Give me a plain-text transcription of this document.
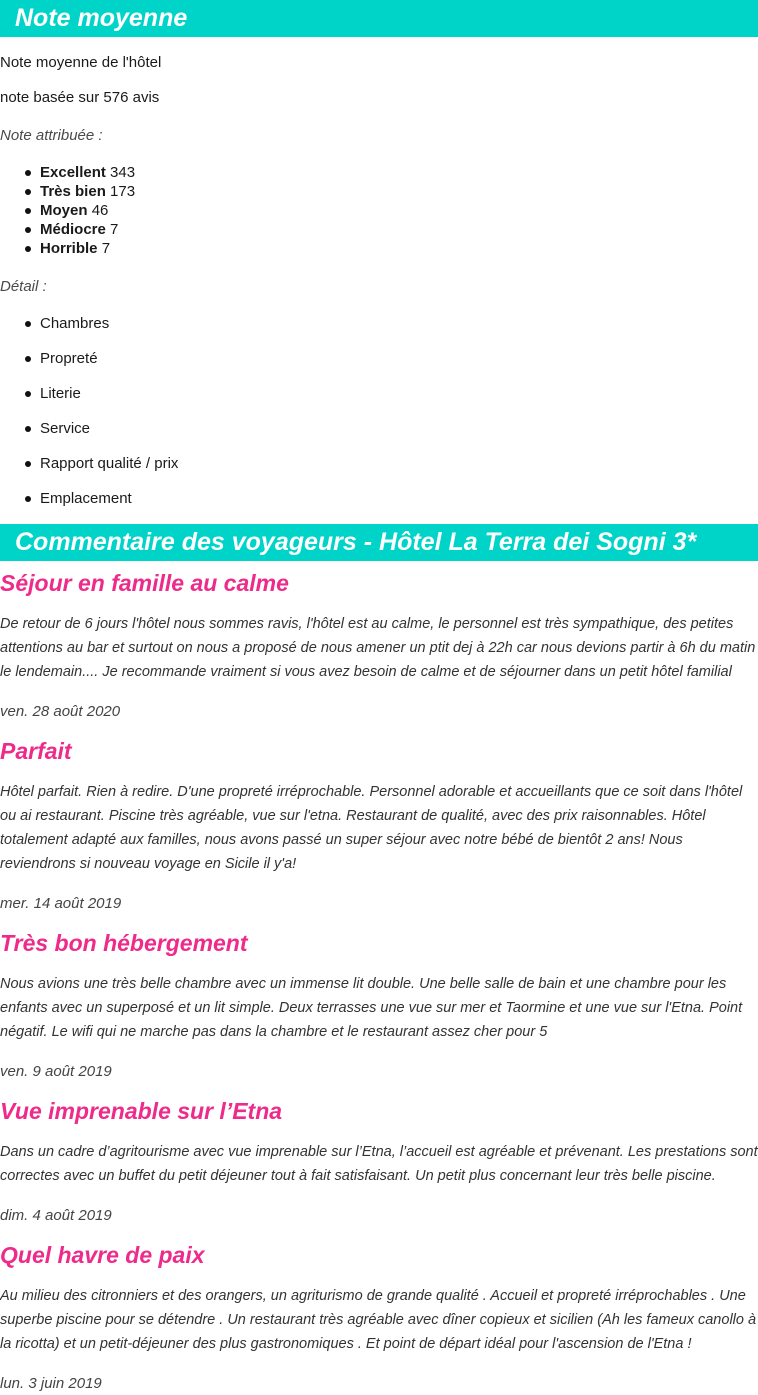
Note moyenne
Note moyenne de l'hôtel
note basée sur 576 avis
Note attribuée :
Excellent 343
Très bien 173
Moyen 46
Médiocre 7
Horrible 7
Détail :
Chambres
Propreté
Literie
Service
Rapport qualité / prix
Emplacement
Commentaire des voyageurs - Hôtel La Terra dei Sogni 3*
Séjour en famille au calme
De retour de 6 jours l'hôtel nous sommes ravis, l'hôtel est au calme, le personnel est très sympathique, des petites attentions au bar et surtout on nous a proposé de nous amener un ptit dej à 22h car nous devions partir à 6h du matin le lendemain.... Je recommande vraiment si vous avez besoin de calme et de séjourner dans un petit hôtel familial
ven. 28 août 2020
Parfait
Hôtel parfait. Rien à redire. D'une propreté irréprochable. Personnel adorable et accueillants que ce soit dans l'hôtel ou ai restaurant. Piscine très agréable, vue sur l'etna. Restaurant de qualité, avec des prix raisonnables. Hôtel totalement adapté aux familles, nous avons passé un super séjour avec notre bébé de bientôt 2 ans! Nous reviendrons si nouveau voyage en Sicile il y'a!
mer. 14 août 2019
Très bon hébergement
Nous avions une très belle chambre avec un immense lit double. Une belle salle de bain et une chambre pour les enfants avec un superposé et un lit simple. Deux terrasses une vue sur mer et Taormine et une vue sur l'Etna. Point négatif. Le wifi qui ne marche pas dans la chambre et le restaurant assez cher pour 5
ven. 9 août 2019
Vue imprenable sur l’Etna
Dans un cadre d’agritourisme avec vue imprenable sur l’Etna, l’accueil est agréable et prévenant. Les prestations sont correctes avec un buffet du petit déjeuner tout à fait satisfaisant. Un petit plus concernant leur très belle piscine.
dim. 4 août 2019
Quel havre de paix
Au milieu des citronniers et des orangers, un agriturismo de grande qualité . Accueil et propreté irréprochables . Une superbe piscine pour se détendre . Un restaurant très agréable avec dîner copieux et sicilien (Ah les fameux canollo à la ricotta) et un petit-déjeuner des plus gastronomiques . Et point de départ idéal pour l'ascension de l'Etna !
lun. 3 juin 2019
